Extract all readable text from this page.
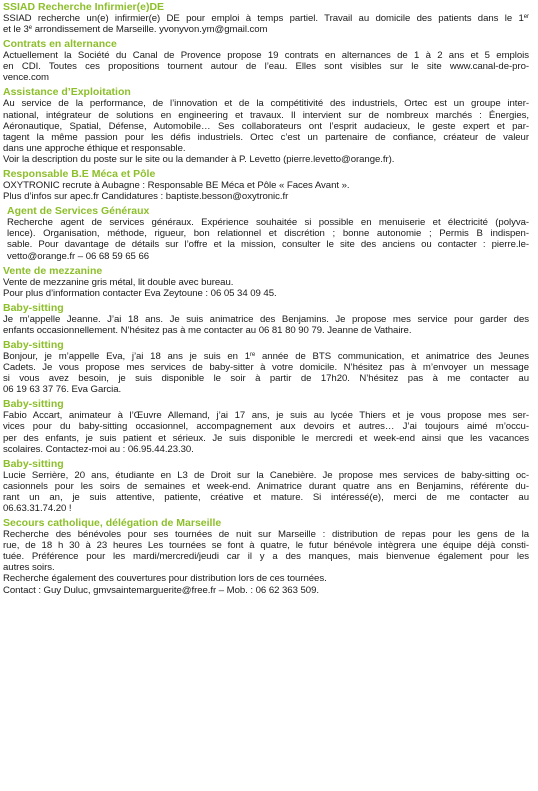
SSIAD Recherche Infirmier(e)DE

SSIAD recherche un(e) infirmier(e) DE pour emploi à temps partiel. Travail au domicile des patients dans le 1er
et le 3e arrondissement de Marseille. yvonyvon.ym@gmail.com

Contrats en alternance

Actuellement la Société du Canal de Provence propose 19 contrats en alternances de 1 à 2 ans et 5 emplois
en CDI. Toutes ces propositions tournent autour de l’eau. Elles sont visibles sur le site www.canal-de-pro-
vence.com

Assistance d’Exploitation

Au service de la performance, de l’innovation et de la compétitivité des industriels, Ortec est un groupe inter-
national, intégrateur de solutions en engineering et travaux. Il intervient sur de nombreux marchés : Énergies,
Aéronautique, Spatial, Défense, Automobile… Ses collaborateurs ont l’esprit audacieux, le geste expert et par-
tagent la même passion pour les défis industriels. Ortec c’est un partenaire de confiance, créateur de valeur
dans une approche éthique et responsable.
Voir la description du poste sur le site ou la demander à P. Levetto (pierre.levetto@orange.fr).

Responsable B.E Méca et Pôle

OXYTRONIC recrute à Aubagne : Responsable BE Méca et Pôle « Faces Avant ».
Plus d’infos sur apec.fr Candidatures : baptiste.besson@oxytronic.fr

Agent de Services Généraux

Recherche agent de services généraux. Expérience souhaitée si possible en menuiserie et électricité (polyva-
lence). Organisation, méthode, rigueur, bon relationnel et discrétion ; bonne autonomie ; Permis B indispen-
sable. Pour davantage de détails sur l’offre et la mission, consulter le site des anciens ou contacter : pierre.le-
vetto@orange.fr – 06 68 59 65 66

Vente de mezzanine

Vente de mezzanine gris métal, lit double avec bureau.
Pour plus d’information contacter Eva Zeytoune : 06 05 34 09 45.

Baby-sitting

Je m’appelle Jeanne. J’ai 18 ans. Je suis animatrice des Benjamins. Je propose mes service pour garder des
enfants occasionnellement. N’hésitez pas à me contacter au 06 81 80 90 79. Jeanne de Vathaire.

Baby-sitting

Bonjour, je m’appelle Eva, j’ai 18 ans je suis en 1re année de BTS communication, et animatrice des Jeunes
Cadets. Je vous propose mes services de baby-sitter à votre domicile. N’hésitez pas à m’envoyer un message
si vous avez besoin, je suis disponible le soir à partir de 17h20. N’hésitez pas à me contacter au
06 19 63 37 76. Eva Garcia.

Baby-sitting

Fabio Accart, animateur à l’Œuvre Allemand, j’ai 17 ans, je suis au lycée Thiers et je vous propose mes ser-
vices pour du baby-sitting occasionnel, accompagnement aux devoirs et autres… J’ai toujours aimé m’occu-
per des enfants, je suis patient et sérieux. Je suis disponible le mercredi et week-end ainsi que les vacances
scolaires. Contactez-moi au : 06.95.44.23.30.

Baby-sitting

Lucie Serrière, 20 ans, étudiante en L3 de Droit sur la Canebière. Je propose mes services de baby-sitting oc-
casionnels pour les soirs de semaines et week-end. Animatrice durant quatre ans en Benjamins, référente du-
rant un an, je suis attentive, patiente, créative et mature. Si intéressé(e), merci de me contacter au
06.63.31.74.20 !

Secours catholique, délégation de Marseille

Recherche des bénévoles pour ses tournées de nuit sur Marseille : distribution de repas pour les gens de la
rue, de 18 h 30 à 23 heures Les tournées se font à quatre, le futur bénévole intègrera une équipe déjà consti-
tuée. Préférence pour les mardi/mercredi/jeudi car il y a des manques, mais bienvenue également pour les
autres soirs.
Recherche également des couvertures pour distribution lors de ces tournées.
Contact : Guy Duluc, gmvsaintemarguerite@free.fr – Mob. : 06 62 363 509.
